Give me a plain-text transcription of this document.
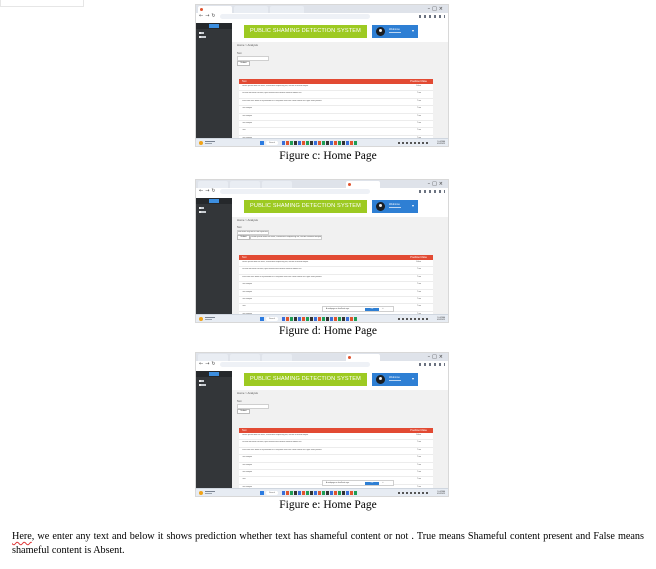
–□×
←→↻
PUBLIC SHAMING DETECTION SYSTEM	Welcome	▾
Home > Analysis
Text
Submit
Text	Predicted Value
Lorem ipsum dolor sit amet, consectetur adipiscing elit, sed do eiusmod tempor	False
Ut enim ad minim veniam, quis nostrud exercitation ullamco laboris nisi	True
Duis aute irure dolor in reprehenderit in voluptate velit esse cillum dolore eu fugiat nulla pariatur	True
Text sample	True
Text sample	True
Text sample	True
Text	True
Search	10:42 AM
4/24/2023
Figure c: Home Page
–□×
←→↻
PUBLIC SHAMING DETECTION SYSTEM	Welcome	▾
Home > Analysis
Text
We enter any text in the input box
Submit	Lorem ipsum dolor sit amet, consectetur adipiscing elit, sed do eiusmod tempor
Text	Predicted Value
Lorem ipsum dolor sit amet, consectetur adipiscing elit, sed do eiusmod tempor	False
Ut enim ad minim veniam, quis nostrud exercitation ullamco laboris nisi	True
Duis aute irure dolor in reprehenderit in voluptate velit esse cillum dolore eu fugiat nulla pariatur	True
Text sample	True
Text sample	True
Text sample	True
Text	True
A webpage on localhost says	OK	×
Search	10:42 AM
4/24/2023
Figure d: Home Page
–□×
←→↻
PUBLIC SHAMING DETECTION SYSTEM	Welcome	▾
Home > Analysis
Text
Submit
Text	Predicted Value
Lorem ipsum dolor sit amet, consectetur adipiscing elit, sed do eiusmod tempor	False
Ut enim ad minim veniam, quis nostrud exercitation ullamco laboris nisi	True
Duis aute irure dolor in reprehenderit in voluptate velit esse cillum dolore eu fugiat nulla pariatur	True
Text sample	True
Text sample	True
Text sample	True
Text	True
Text sample	True
A webpage on localhost says	OK	×
Search	10:42 AM
4/24/2023
Figure e: Home Page
Here, we enter any text and below it shows prediction whether text has shameful content or not . True means Shameful content present and False means shameful content is Absent.
